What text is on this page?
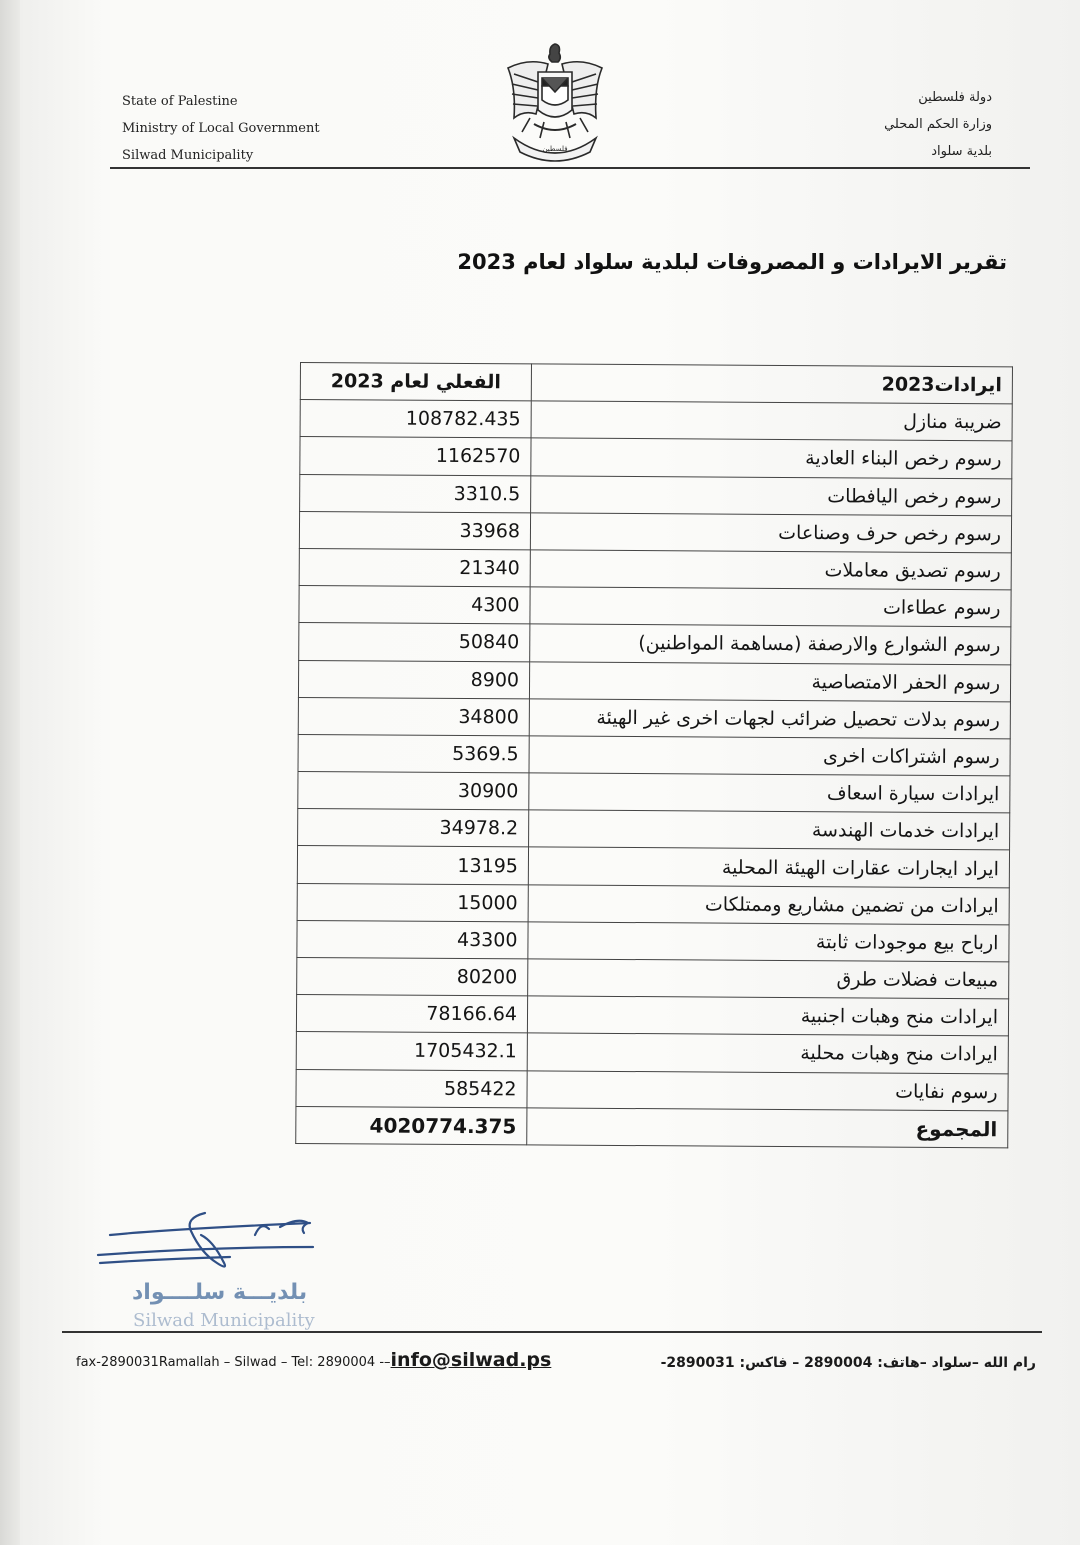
State of Palestine
Ministry of Local Government
Silwad Municipality	فلسطين
دولة فلسطين
وزارة الحكم المحلي
بلدية سلواد
تقرير الايرادات و المصروفات لبلدية سلواد لعام 2023
الفعلي لعام 2023	ايرادات2023
108782.435	ضريبة منازل
1162570	رسوم رخص البناء العادية
3310.5	رسوم رخص اليافطات
33968	رسوم رخص حرف وصناعات
21340	رسوم تصديق معاملات
4300	رسوم عطاءات
50840	رسوم الشوارع والارصفة (مساهمة المواطنين)
8900	رسوم الحفر الامتصاصية
34800	رسوم بدلات تحصيل ضرائب لجهات اخرى غير الهيئة
5369.5	رسوم اشتراكات اخرى
30900	ايرادات سيارة اسعاف
34978.2	ايرادات خدمات الهندسة
13195	ايراد ايجارات عقارات الهيئة المحلية
15000	ايرادات من تضمين مشاريع وممتلكات
43300	ارباح بيع موجودات ثابتة
80200	مبيعات فضلات طرق
78166.64	ايرادات منح وهبات اجنبية
1705432.1	ايرادات منح وهبات محلية
585422	رسوم نفايات
4020774.375	المجموع
بلديـــة سلــــواد
Silwad Municipality
fax-2890031Ramallah – Silwad – Tel: 2890004 -–info@silwad.ps	رام الله –سلواد –هاتف: 2890004 – فاكس: 2890031-
